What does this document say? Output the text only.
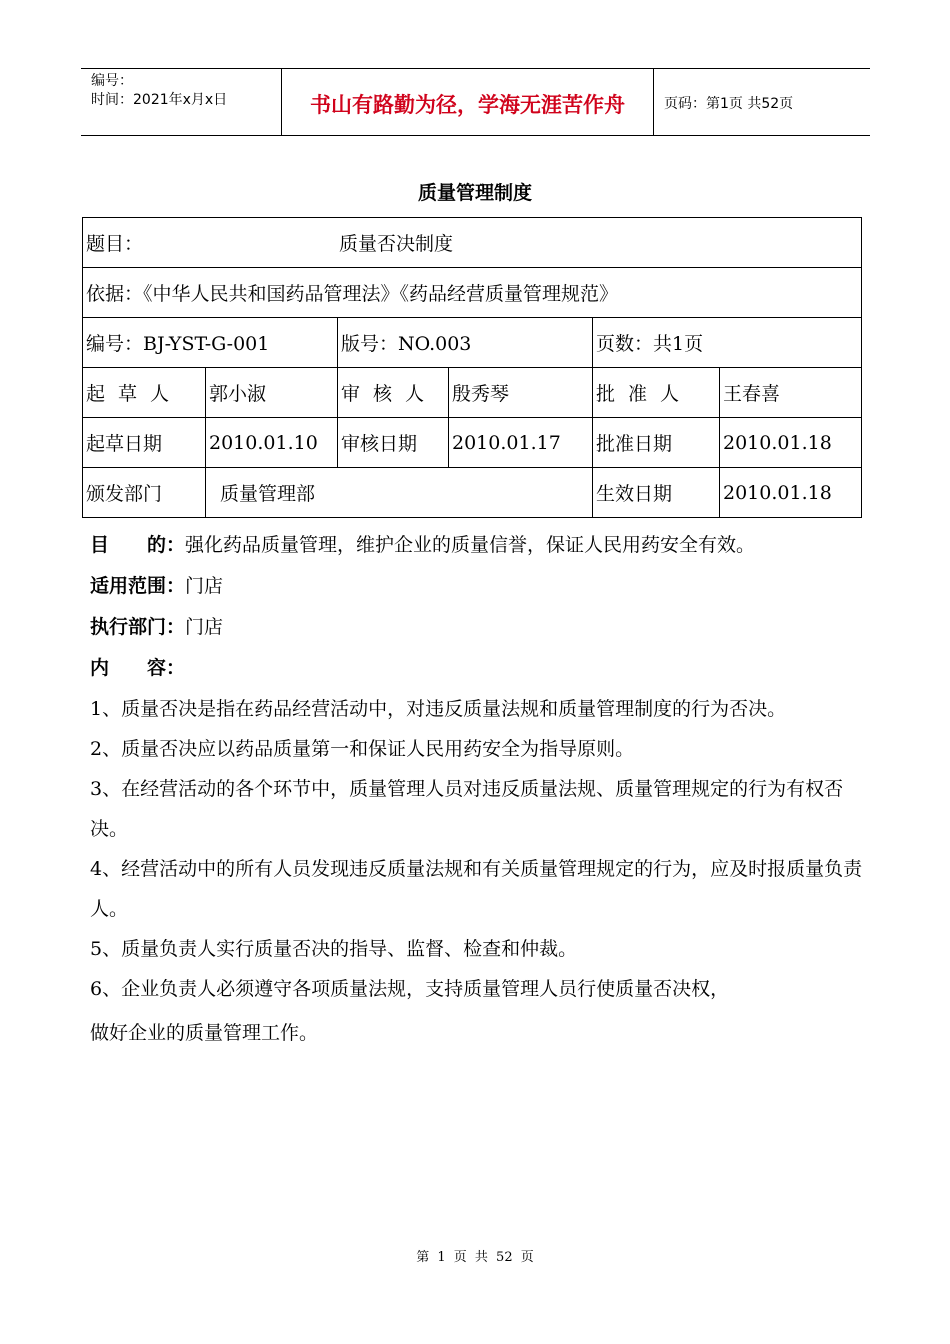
编号：
时间：2021年x月x日	书山有路勤为径，学海无涯苦作舟	页码：第1页 共52页
质量管理制度
题目： 质量否决制度					
依据：《中华人民共和国药品管理法》《药品经营质量管理规范》					
编号：BJ-YST-G-001		版号：NO.003		页数：共1页	
起草人	郭小淑	审核人	殷秀琴	批准人	王春喜
起草日期	2010.01.10	审核日期	2010.01.17	批准日期	2010.01.18
颁发部门	质量管理部			生效日期	2010.01.18
目　　的：强化药品质量管理，维护企业的质量信誉，保证人民用药安全有效。
适用范围：门店
执行部门：门店
内　　容：

1、质量否决是指在药品经营活动中，对违反质量法规和质量管理制度的行为否决。

2、质量否决应以药品质量第一和保证人民用药安全为指导原则。

3、在经营活动的各个环节中，质量管理人员对违反质量法规、质量管理规定的行为有权否决。

4、经营活动中的所有人员发现违反质量法规和有关质量管理规定的行为，应及时报质量负责人。

5、质量负责人实行质量否决的指导、监督、检查和仲裁。

6、企业负责人必须遵守各项质量法规，支持质量管理人员行使质量否决权，

做好企业的质量管理工作。

第 1 页 共 52 页
